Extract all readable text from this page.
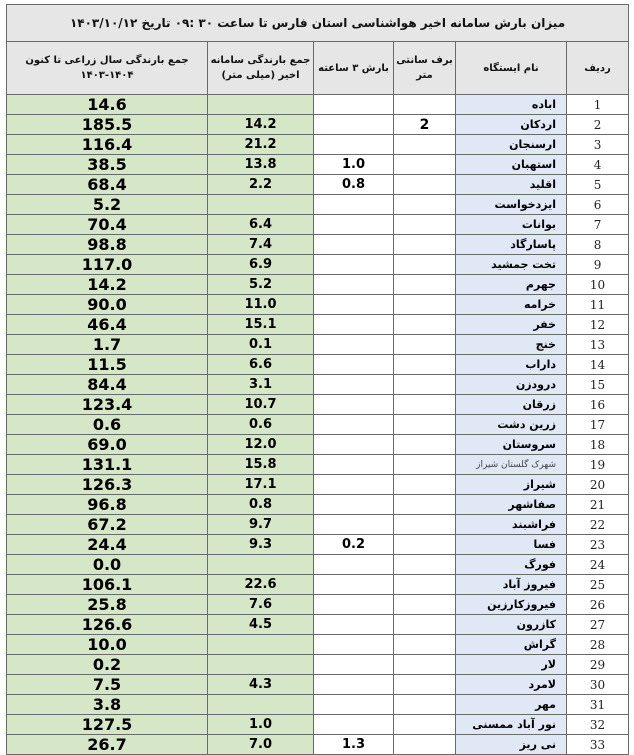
میزان بارش سامانه اخیر هواشناسی استان فارس تا ساعت ۳۰ :۰۹ تاریخ ۱۴۰۳/۱۰/۱۲					
جمع بارندگی سال زراعی تا کنون ۱۴۰۴-۱۴۰۳	جمع بارندگی سامانه اخیر (میلی متر)	بارش ۳ ساعته	برف سانتی متر	نام ایستگاه	ردیف
14.6				اباده	1
185.5	14.2		2	اردکان	2
116.4	21.2			ارسنجان	3
38.5	13.8	1.0		استهبان	4
68.4	2.2	0.8		اقلید	5
5.2				ایزدخواست	6
70.4	6.4			بوانات	7
98.8	7.4			پاسارگاد	8
117.0	6.9			تخت جمشید	9
14.2	5.2			جهرم	10
90.0	11.0			خرامه	11
46.4	15.1			خفر	12
1.7	0.1			خنج	13
11.5	6.6			داراب	14
84.4	3.1			درودزن	15
123.4	10.7			زرقان	16
0.6	0.6			زرین دشت	17
69.0	12.0			سروستان	18
131.1	15.8			شهرک گلستان شیراز	19
126.3	17.1			شیراز	20
96.8	0.8			صفاشهر	21
67.2	9.7			فراشبند	22
24.4	9.3	0.2		فسا	23
0.0				فورگ	24
106.1	22.6			فیروز آباد	25
25.8	7.6			فیروزکارزین	26
126.6	4.5			کازرون	27
10.0				گراش	28
0.2				لار	29
7.5	4.3			لامرد	30
3.8				مهر	31
127.5	1.0			نور آباد ممسنی	32
26.7	7.0	1.3		نی ریز	33
